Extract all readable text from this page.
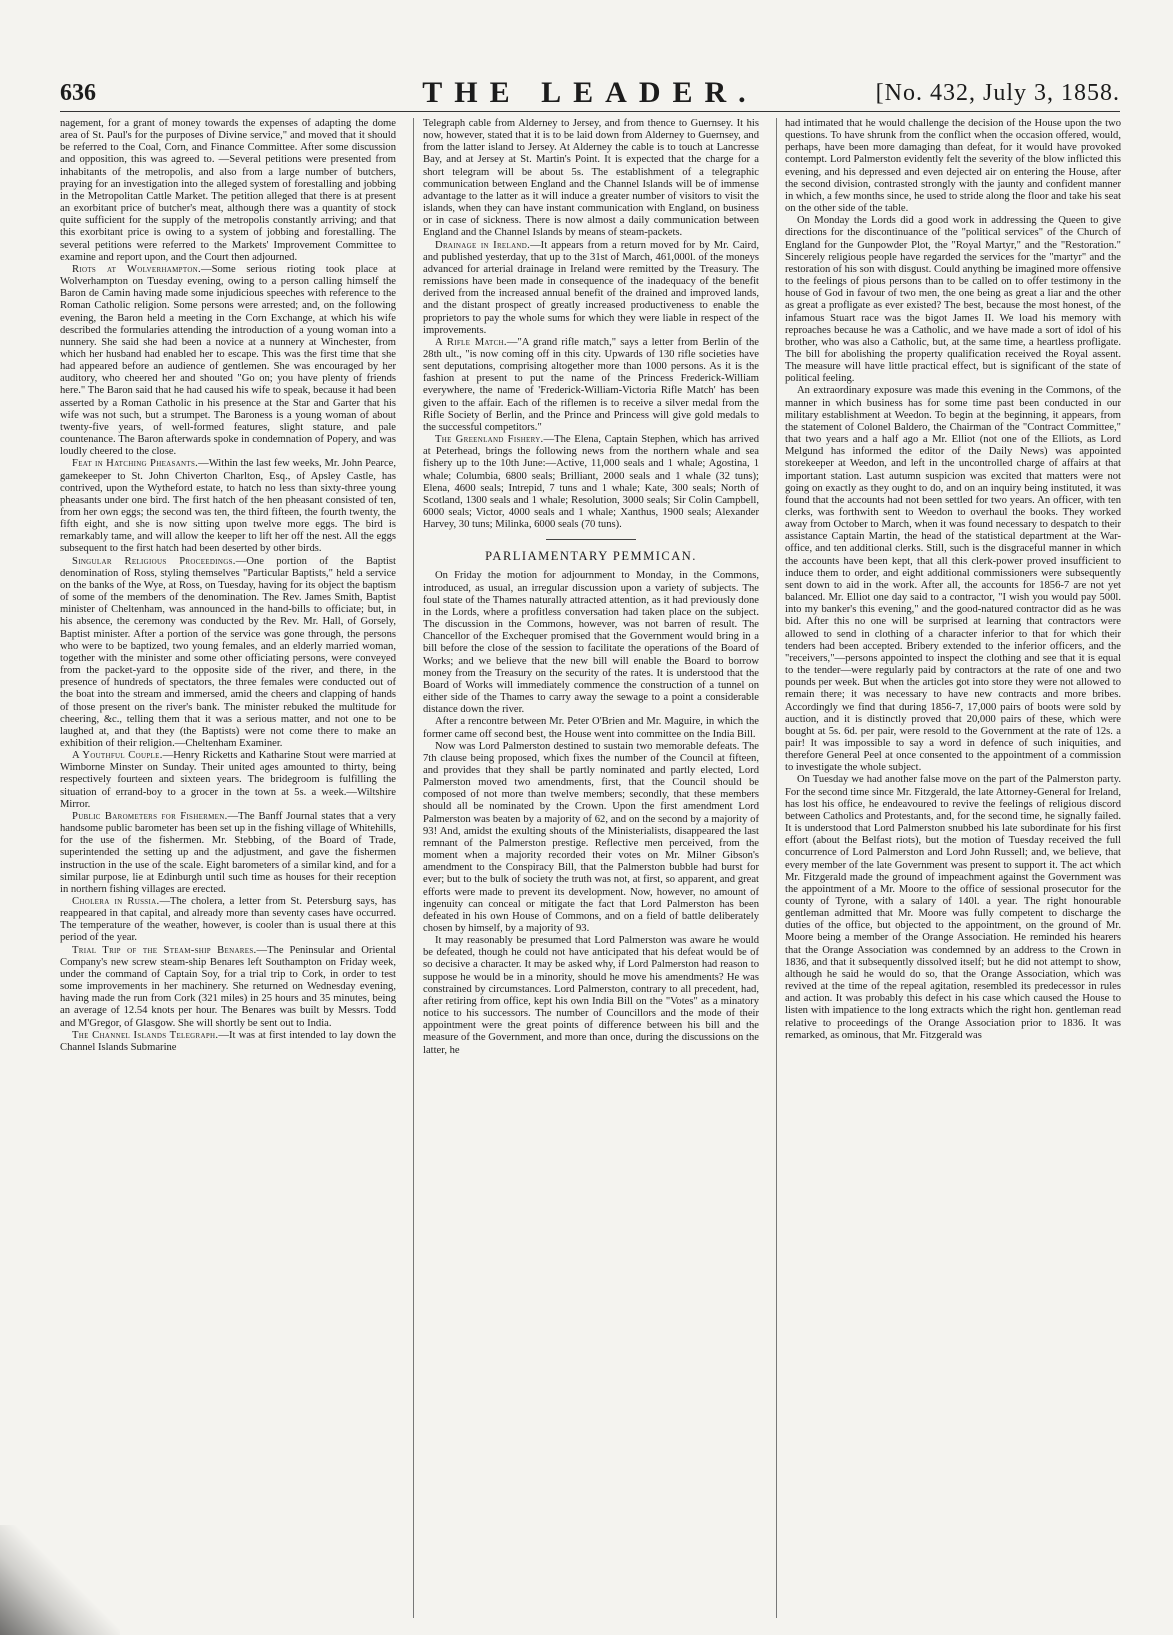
636	THE LEADER.	[No. 432, July 3, 1858.

nagement, for a grant of money towards the expenses of adapting the dome area of St. Paul's for the purposes of Divine service," and moved that it should be referred to the Coal, Corn, and Finance Committee. After some discussion and opposition, this was agreed to. —Several petitions were presented from inhabitants of the metropolis, and also from a large number of butchers, praying for an investigation into the alleged system of forestalling and jobbing in the Metropolitan Cattle Market. The petition alleged that there is at present an exorbitant price of butcher's meat, although there was a quantity of stock quite sufficient for the supply of the metropolis constantly arriving; and that this exorbitant price is owing to a system of jobbing and forestalling. The several petitions were referred to the Markets' Improvement Committee to examine and report upon, and the Court then adjourned.

Riots at Wolverhampton.—Some serious rioting took place at Wolverhampton on Tuesday evening, owing to a person calling himself the Baron de Camin having made some injudicious speeches with reference to the Roman Catholic religion. Some persons were arrested; and, on the following evening, the Baron held a meeting in the Corn Exchange, at which his wife described the formularies attending the introduction of a young woman into a nunnery. She said she had been a novice at a nunnery at Winchester, from which her husband had enabled her to escape. This was the first time that she had appeared before an audience of gentlemen. She was encouraged by her auditory, who cheered her and shouted "Go on; you have plenty of friends here." The Baron said that he had caused his wife to speak, because it had been asserted by a Roman Catholic in his presence at the Star and Garter that his wife was not such, but a strumpet. The Baroness is a young woman of about twenty-five years, of well-formed features, slight stature, and pale countenance. The Baron afterwards spoke in condemnation of Popery, and was loudly cheered to the close.

Feat in Hatching Pheasants.—Within the last few weeks, Mr. John Pearce, gamekeeper to St. John Chiverton Charlton, Esq., of Apsley Castle, has contrived, upon the Wytheford estate, to hatch no less than sixty-three young pheasants under one bird. The first hatch of the hen pheasant consisted of ten, from her own eggs; the second was ten, the third fifteen, the fourth twenty, the fifth eight, and she is now sitting upon twelve more eggs. The bird is remarkably tame, and will allow the keeper to lift her off the nest. All the eggs subsequent to the first hatch had been deserted by other birds.

Singular Religious Proceedings.—One portion of the Baptist denomination of Ross, styling themselves "Particular Baptists," held a service on the banks of the Wye, at Ross, on Tuesday, having for its object the baptism of some of the members of the denomination. The Rev. James Smith, Baptist minister of Cheltenham, was announced in the hand-bills to officiate; but, in his absence, the ceremony was conducted by the Rev. Mr. Hall, of Gorsely, Baptist minister. After a portion of the service was gone through, the persons who were to be baptized, two young females, and an elderly married woman, together with the minister and some other officiating persons, were conveyed from the packet-yard to the opposite side of the river, and there, in the presence of hundreds of spectators, the three females were conducted out of the boat into the stream and immersed, amid the cheers and clapping of hands of those present on the river's bank. The minister rebuked the multitude for cheering, &c., telling them that it was a serious matter, and not one to be laughed at, and that they (the Baptists) were not come there to make an exhibition of their religion.—Cheltenham Examiner.

A Youthful Couple.—Henry Ricketts and Katharine Stout were married at Wimborne Minster on Sunday. Their united ages amounted to thirty, being respectively fourteen and sixteen years. The bridegroom is fulfilling the situation of errand-boy to a grocer in the town at 5s. a week.—Wiltshire Mirror.

Public Barometers for Fishermen.—The Banff Journal states that a very handsome public barometer has been set up in the fishing village of Whitehills, for the use of the fishermen. Mr. Stebbing, of the Board of Trade, superintended the setting up and the adjustment, and gave the fishermen instruction in the use of the scale. Eight barometers of a similar kind, and for a similar purpose, lie at Edinburgh until such time as houses for their reception in northern fishing villages are erected.

Cholera in Russia.—The cholera, a letter from St. Petersburg says, has reappeared in that capital, and already more than seventy cases have occurred. The temperature of the weather, however, is cooler than is usual there at this period of the year.

Trial Trip of the Steam-ship Benares.—The Peninsular and Oriental Company's new screw steam-ship Benares left Southampton on Friday week, under the command of Captain Soy, for a trial trip to Cork, in order to test some improvements in her machinery. She returned on Wednesday evening, having made the run from Cork (321 miles) in 25 hours and 35 minutes, being an average of 12.54 knots per hour. The Benares was built by Messrs. Todd and M'Gregor, of Glasgow. She will shortly be sent out to India.

The Channel Islands Telegraph.—It was at first intended to lay down the Channel Islands Submarine

Telegraph cable from Alderney to Jersey, and from thence to Guernsey. It his now, however, stated that it is to be laid down from Alderney to Guernsey, and from the latter island to Jersey. At Alderney the cable is to touch at Lancresse Bay, and at Jersey at St. Martin's Point. It is expected that the charge for a short telegram will be about 5s. The establishment of a telegraphic communication between England and the Channel Islands will be of immense advantage to the latter as it will induce a greater number of visitors to visit the islands, when they can have instant communication with England, on business or in case of sickness. There is now almost a daily communication between England and the Channel Islands by means of steam-packets.

Drainage in Ireland.—It appears from a return moved for by Mr. Caird, and published yesterday, that up to the 31st of March, 461,000l. of the moneys advanced for arterial drainage in Ireland were remitted by the Treasury. The remissions have been made in consequence of the inadequacy of the benefit derived from the increased annual benefit of the drained and improved lands, and the distant prospect of greatly increased productiveness to enable the proprietors to pay the whole sums for which they were liable in respect of the improvements.

A Rifle Match.—"A grand rifle match," says a letter from Berlin of the 28th ult., "is now coming off in this city. Upwards of 130 rifle societies have sent deputations, comprising altogether more than 1000 persons. As it is the fashion at present to put the name of the Princess Frederick-William everywhere, the name of 'Frederick-William-Victoria Rifle Match' has been given to the affair. Each of the riflemen is to receive a silver medal from the Rifle Society of Berlin, and the Prince and Princess will give gold medals to the successful competitors."

The Greenland Fishery.—The Elena, Captain Stephen, which has arrived at Peterhead, brings the following news from the northern whale and sea fishery up to the 10th June:—Active, 11,000 seals and 1 whale; Agostina, 1 whale; Columbia, 6800 seals; Brilliant, 2000 seals and 1 whale (32 tuns); Elena, 4600 seals; Intrepid, 7 tuns and 1 whale; Kate, 300 seals; North of Scotland, 1300 seals and 1 whale; Resolution, 3000 seals; Sir Colin Campbell, 6000 seals; Victor, 4000 seals and 1 whale; Xanthus, 1900 seals; Alexander Harvey, 30 tuns; Milinka, 6000 seals (70 tuns).

PARLIAMENTARY PEMMICAN.

On Friday the motion for adjournment to Monday, in the Commons, introduced, as usual, an irregular discussion upon a variety of subjects. The foul state of the Thames naturally attracted attention, as it had previously done in the Lords, where a profitless conversation had taken place on the subject. The discussion in the Commons, however, was not barren of result. The Chancellor of the Exchequer promised that the Government would bring in a bill before the close of the session to facilitate the operations of the Board of Works; and we believe that the new bill will enable the Board to borrow money from the Treasury on the security of the rates. It is understood that the Board of Works will immediately commence the construction of a tunnel on either side of the Thames to carry away the sewage to a point a considerable distance down the river.

After a rencontre between Mr. Peter O'Brien and Mr. Maguire, in which the former came off second best, the House went into committee on the India Bill.

Now was Lord Palmerston destined to sustain two memorable defeats. The 7th clause being proposed, which fixes the number of the Council at fifteen, and provides that they shall be partly nominated and partly elected, Lord Palmerston moved two amendments, first, that the Council should be composed of not more than twelve members; secondly, that these members should all be nominated by the Crown. Upon the first amendment Lord Palmerston was beaten by a majority of 62, and on the second by a majority of 93! And, amidst the exulting shouts of the Ministerialists, disappeared the last remnant of the Palmerston prestige. Reflective men perceived, from the moment when a majority recorded their votes on Mr. Milner Gibson's amendment to the Conspiracy Bill, that the Palmerston bubble had burst for ever; but to the bulk of society the truth was not, at first, so apparent, and great efforts were made to prevent its development. Now, however, no amount of ingenuity can conceal or mitigate the fact that Lord Palmerston has been defeated in his own House of Commons, and on a field of battle deliberately chosen by himself, by a majority of 93.

It may reasonably be presumed that Lord Palmerston was aware he would be defeated, though he could not have anticipated that his defeat would be of so decisive a character. It may be asked why, if Lord Palmerston had reason to suppose he would be in a minority, should he move his amendments? He was constrained by circumstances. Lord Palmerston, contrary to all precedent, had, after retiring from office, kept his own India Bill on the "Votes" as a minatory notice to his successors. The number of Councillors and the mode of their appointment were the great points of difference between his bill and the measure of the Government, and more than once, during the discussions on the latter, he

had intimated that he would challenge the decision of the House upon the two questions. To have shrunk from the conflict when the occasion offered, would, perhaps, have been more damaging than defeat, for it would have provoked contempt. Lord Palmerston evidently felt the severity of the blow inflicted this evening, and his depressed and even dejected air on entering the House, after the second division, contrasted strongly with the jaunty and confident manner in which, a few months since, he used to stride along the floor and take his seat on the other side of the table.

On Monday the Lords did a good work in addressing the Queen to give directions for the discontinuance of the "political services" of the Church of England for the Gunpowder Plot, the "Royal Martyr," and the "Restoration." Sincerely religious people have regarded the services for the "martyr" and the restoration of his son with disgust. Could anything be imagined more offensive to the feelings of pious persons than to be called on to offer testimony in the house of God in favour of two men, the one being as great a liar and the other as great a profligate as ever existed? The best, because the most honest, of the infamous Stuart race was the bigot James II. We load his memory with reproaches because he was a Catholic, and we have made a sort of idol of his brother, who was also a Catholic, but, at the same time, a heartless profligate. The bill for abolishing the property qualification received the Royal assent. The measure will have little practical effect, but is significant of the state of political feeling.

An extraordinary exposure was made this evening in the Commons, of the manner in which business has for some time past been conducted in our military establishment at Weedon. To begin at the beginning, it appears, from the statement of Colonel Baldero, the Chairman of the "Contract Committee," that two years and a half ago a Mr. Elliot (not one of the Elliots, as Lord Melgund has informed the editor of the Daily News) was appointed storekeeper at Weedon, and left in the uncontrolled charge of affairs at that important station. Last autumn suspicion was excited that matters were not going on exactly as they ought to do, and on an inquiry being instituted, it was found that the accounts had not been settled for two years. An officer, with ten clerks, was forthwith sent to Weedon to overhaul the books. They worked away from October to March, when it was found necessary to despatch to their assistance Captain Martin, the head of the statistical department at the War-office, and ten additional clerks. Still, such is the disgraceful manner in which the accounts have been kept, that all this clerk-power proved insufficient to induce them to order, and eight additional commissioners were subsequently sent down to aid in the work. After all, the accounts for 1856-7 are not yet balanced. Mr. Elliot one day said to a contractor, "I wish you would pay 500l. into my banker's this evening," and the good-natured contractor did as he was bid. After this no one will be surprised at learning that contractors were allowed to send in clothing of a character inferior to that for which their tenders had been accepted. Bribery extended to the inferior officers, and the "receivers,"—persons appointed to inspect the clothing and see that it is equal to the tender—were regularly paid by contractors at the rate of one and two pounds per week. But when the articles got into store they were not allowed to remain there; it was necessary to have new contracts and more bribes. Accordingly we find that during 1856-7, 17,000 pairs of boots were sold by auction, and it is distinctly proved that 20,000 pairs of these, which were bought at 5s. 6d. per pair, were resold to the Government at the rate of 12s. a pair! It was impossible to say a word in defence of such iniquities, and therefore General Peel at once consented to the appointment of a commission to investigate the whole subject.

On Tuesday we had another false move on the part of the Palmerston party. For the second time since Mr. Fitzgerald, the late Attorney-General for Ireland, has lost his office, he endeavoured to revive the feelings of religious discord between Catholics and Protestants, and, for the second time, he signally failed. It is understood that Lord Palmerston snubbed his late subordinate for his first effort (about the Belfast riots), but the motion of Tuesday received the full concurrence of Lord Palmerston and Lord John Russell; and, we believe, that every member of the late Government was present to support it. The act which Mr. Fitzgerald made the ground of impeachment against the Government was the appointment of a Mr. Moore to the office of sessional prosecutor for the county of Tyrone, with a salary of 140l. a year. The right honourable gentleman admitted that Mr. Moore was fully competent to discharge the duties of the office, but objected to the appointment, on the ground of Mr. Moore being a member of the Orange Association. He reminded his hearers that the Orange Association was condemned by an address to the Crown in 1836, and that it subsequently dissolved itself; but he did not attempt to show, although he said he would do so, that the Orange Association, which was revived at the time of the repeal agitation, resembled its predecessor in rules and action. It was probably this defect in his case which caused the House to listen with impatience to the long extracts which the right hon. gentleman read relative to proceedings of the Orange Association prior to 1836. It was remarked, as ominous, that Mr. Fitzgerald was
